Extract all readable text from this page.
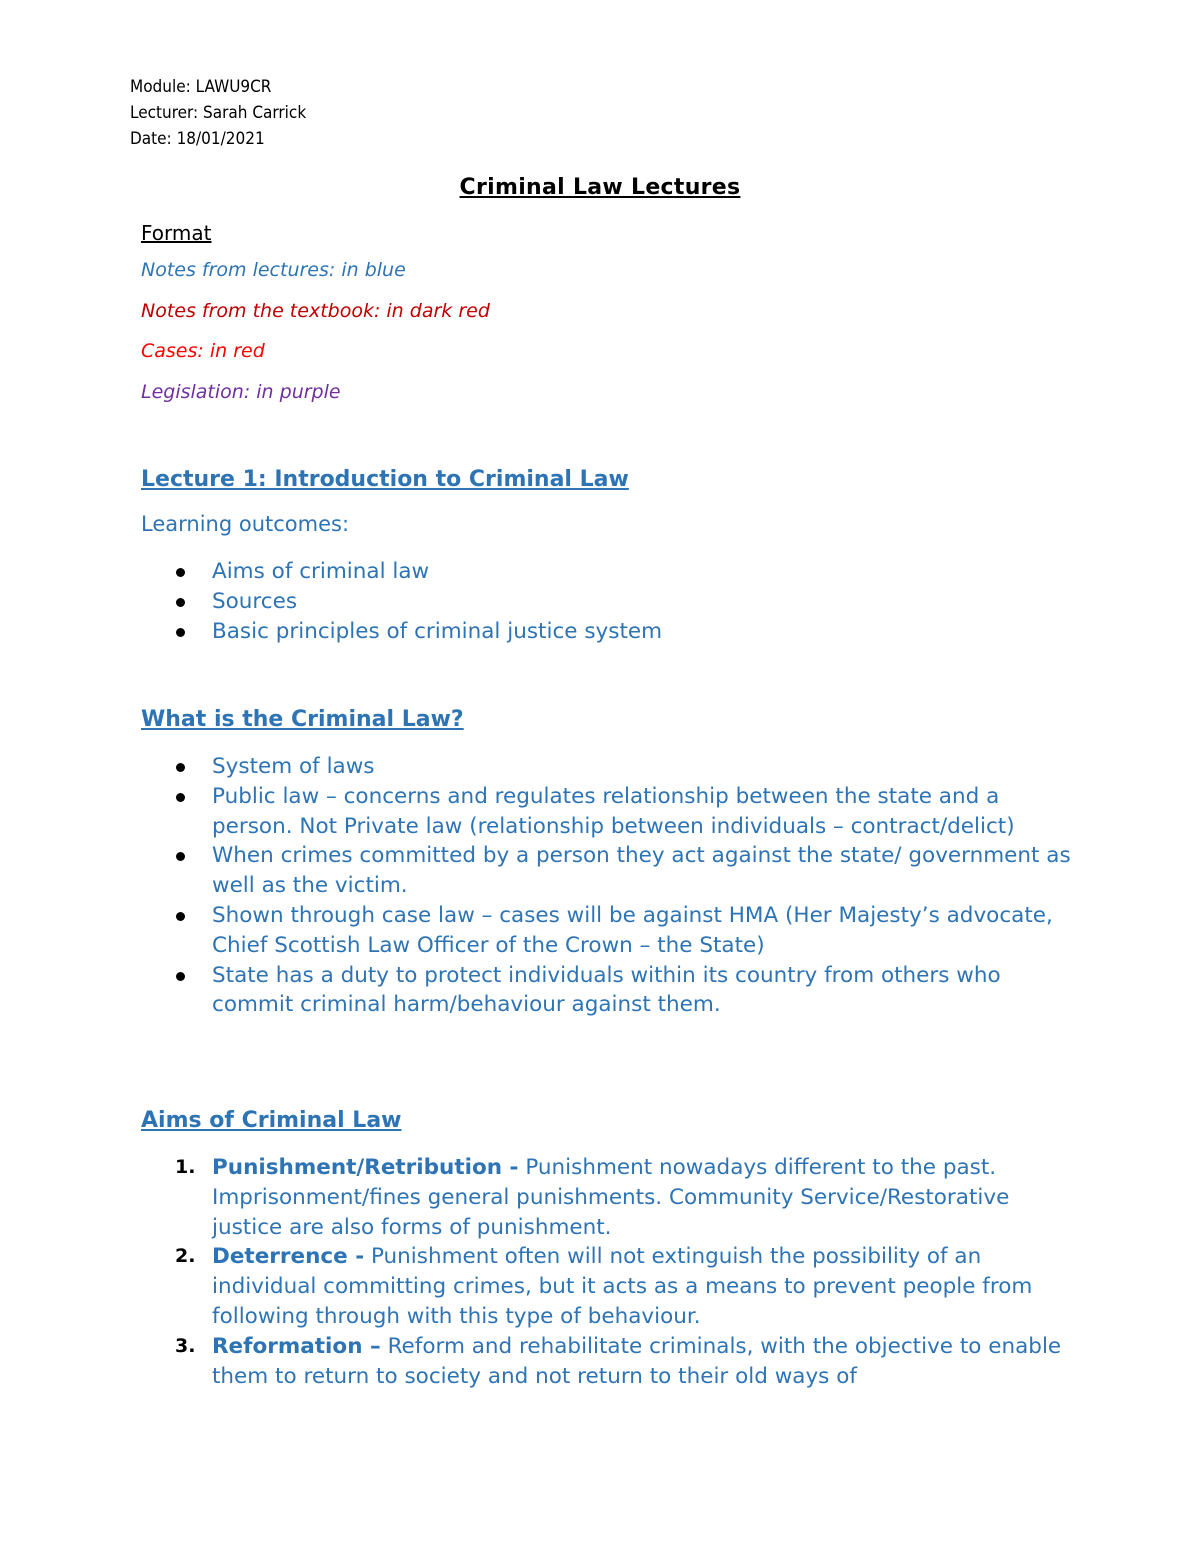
Module: LAWU9CR
Lecturer: Sarah Carrick
Date: 18/01/2021
Criminal Law Lectures
Format
Notes from lectures: in blue
Notes from the textbook: in dark red
Cases: in red
Legislation: in purple
Lecture 1: Introduction to Criminal Law
Learning outcomes:
Aims of criminal law
Sources
Basic principles of criminal justice system
What is the Criminal Law?
System of laws
Public law – concerns and regulates relationship between the state and a person. Not Private law (relationship between individuals – contract/delict)
When crimes committed by a person they act against the state/ government as well as the victim.
Shown through case law – cases will be against HMA (Her Majesty’s advocate, Chief Scottish Law Officer of the Crown – the State)
State has a duty to protect individuals within its country from others who commit criminal harm/behaviour against them.
Aims of Criminal Law
1. Punishment/Retribution - Punishment nowadays different to the past. Imprisonment/fines general punishments. Community Service/Restorative justice are also forms of punishment.
2. Deterrence - Punishment often will not extinguish the possibility of an individual committing crimes, but it acts as a means to prevent people from following through with this type of behaviour.
3. Reformation – Reform and rehabilitate criminals, with the objective to enable them to return to society and not return to their old ways of
